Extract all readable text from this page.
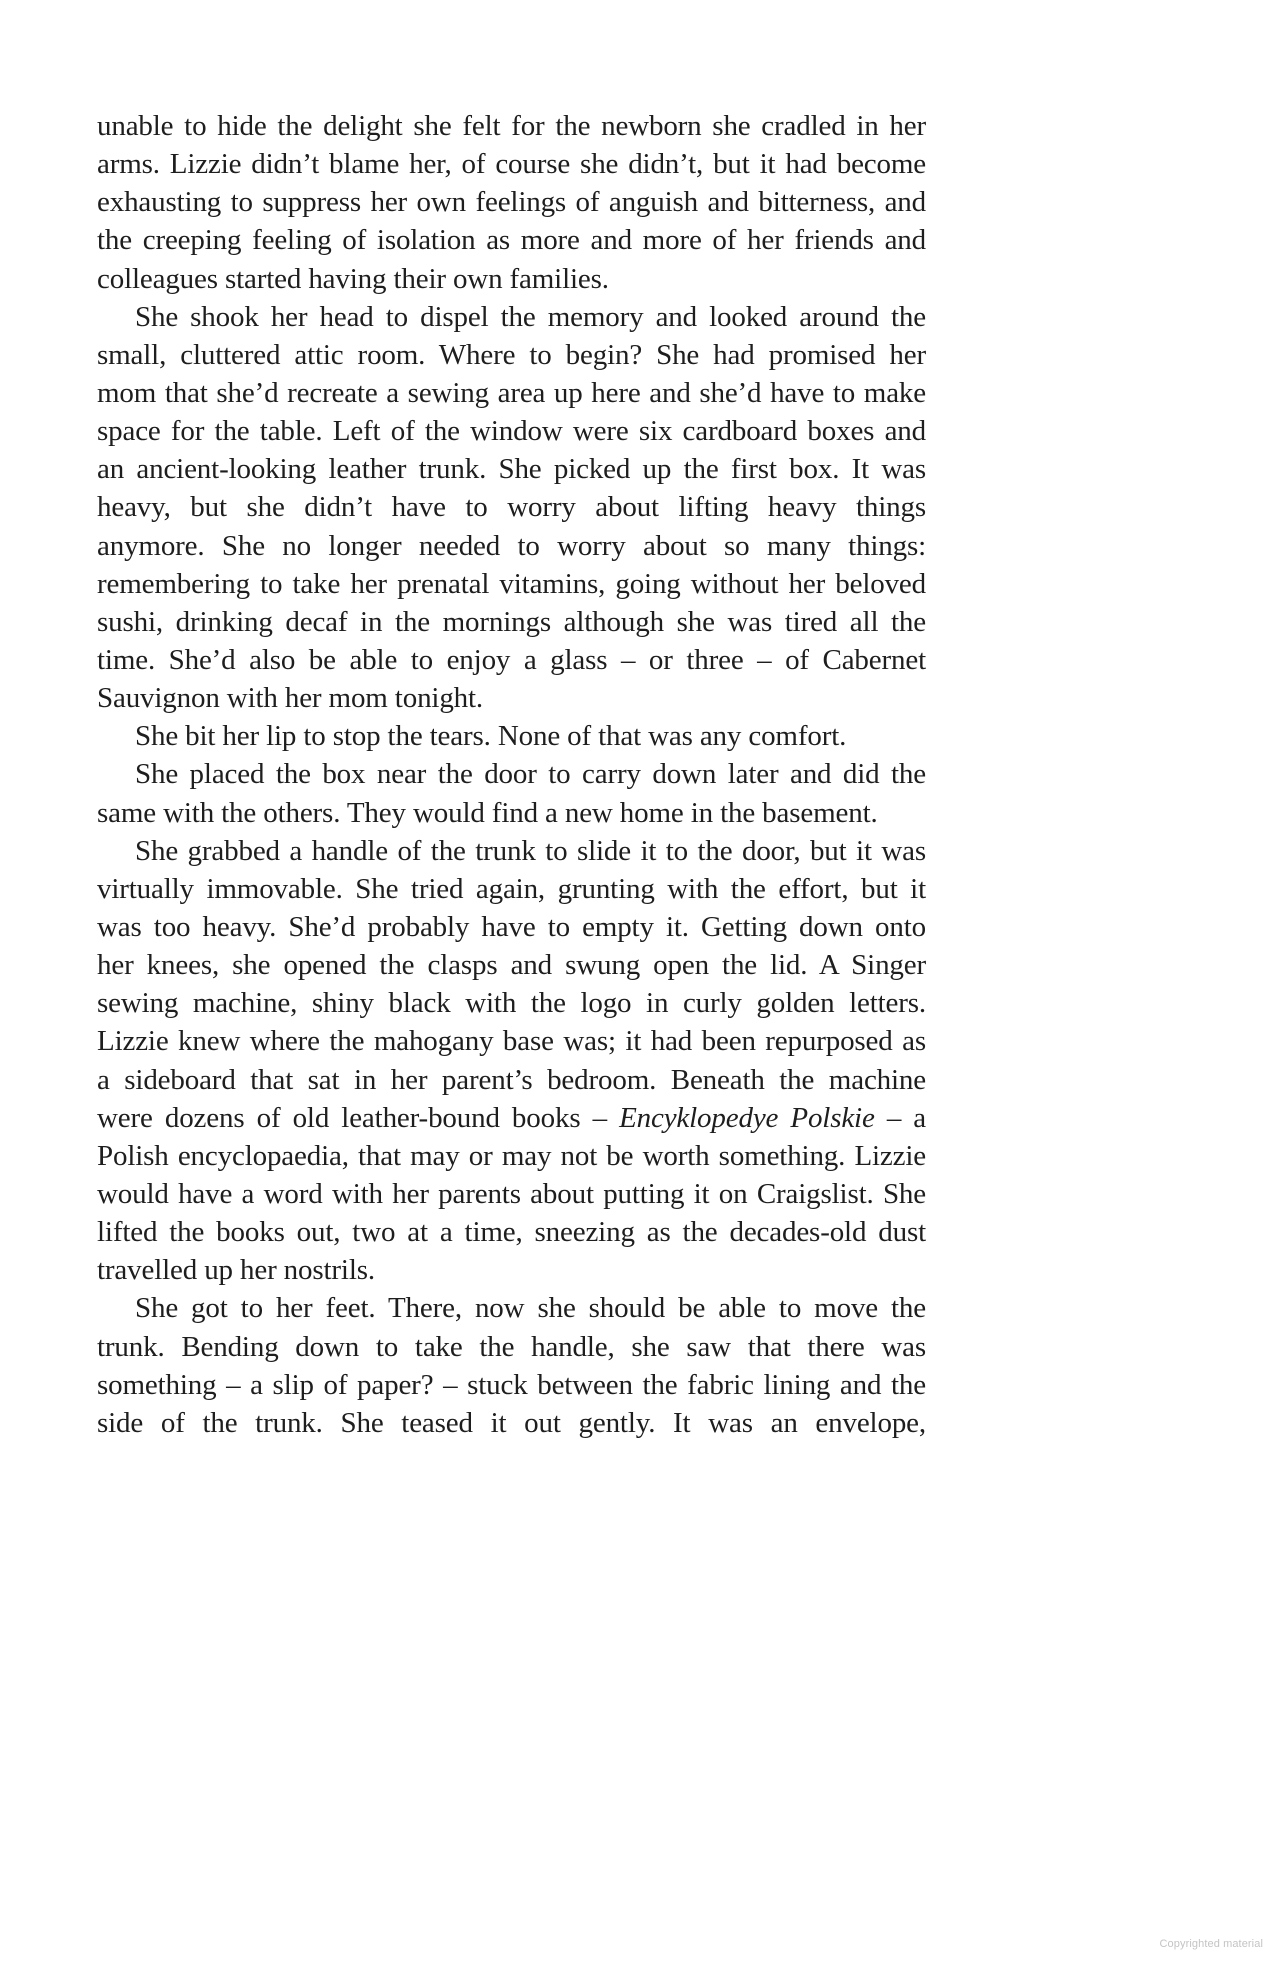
unable to hide the delight she felt for the newborn she cradled in her
arms. Lizzie didn’t blame her, of course she didn’t, but it had become
exhausting to suppress her own feelings of anguish and bitterness, and
the creeping feeling of isolation as more and more of her friends and
colleagues started having their own families.
She shook her head to dispel the memory and looked around the
small, cluttered attic room. Where to begin? She had promised her
mom that she’d recreate a sewing area up here and she’d have to make
space for the table. Left of the window were six cardboard boxes and
an ancient-looking leather trunk. She picked up the first box. It was
heavy, but she didn’t have to worry about lifting heavy things
anymore. She no longer needed to worry about so many things:
remembering to take her prenatal vitamins, going without her beloved
sushi, drinking decaf in the mornings although she was tired all the
time. She’d also be able to enjoy a glass – or three – of Cabernet
Sauvignon with her mom tonight.
She bit her lip to stop the tears. None of that was any comfort.
She placed the box near the door to carry down later and did the
same with the others. They would find a new home in the basement.
She grabbed a handle of the trunk to slide it to the door, but it was
virtually immovable. She tried again, grunting with the effort, but it
was too heavy. She’d probably have to empty it. Getting down onto
her knees, she opened the clasps and swung open the lid. A Singer
sewing machine, shiny black with the logo in curly golden letters.
Lizzie knew where the mahogany base was; it had been repurposed as
a sideboard that sat in her parent’s bedroom. Beneath the machine
were dozens of old leather-bound books – Encyklopedye Polskie – a
Polish encyclopaedia, that may or may not be worth something. Lizzie
would have a word with her parents about putting it on Craigslist. She
lifted the books out, two at a time, sneezing as the decades-old dust
travelled up her nostrils.
She got to her feet. There, now she should be able to move the
trunk. Bending down to take the handle, she saw that there was
something – a slip of paper? – stuck between the fabric lining and the
side of the trunk. She teased it out gently. It was an envelope,
Copyrighted material
